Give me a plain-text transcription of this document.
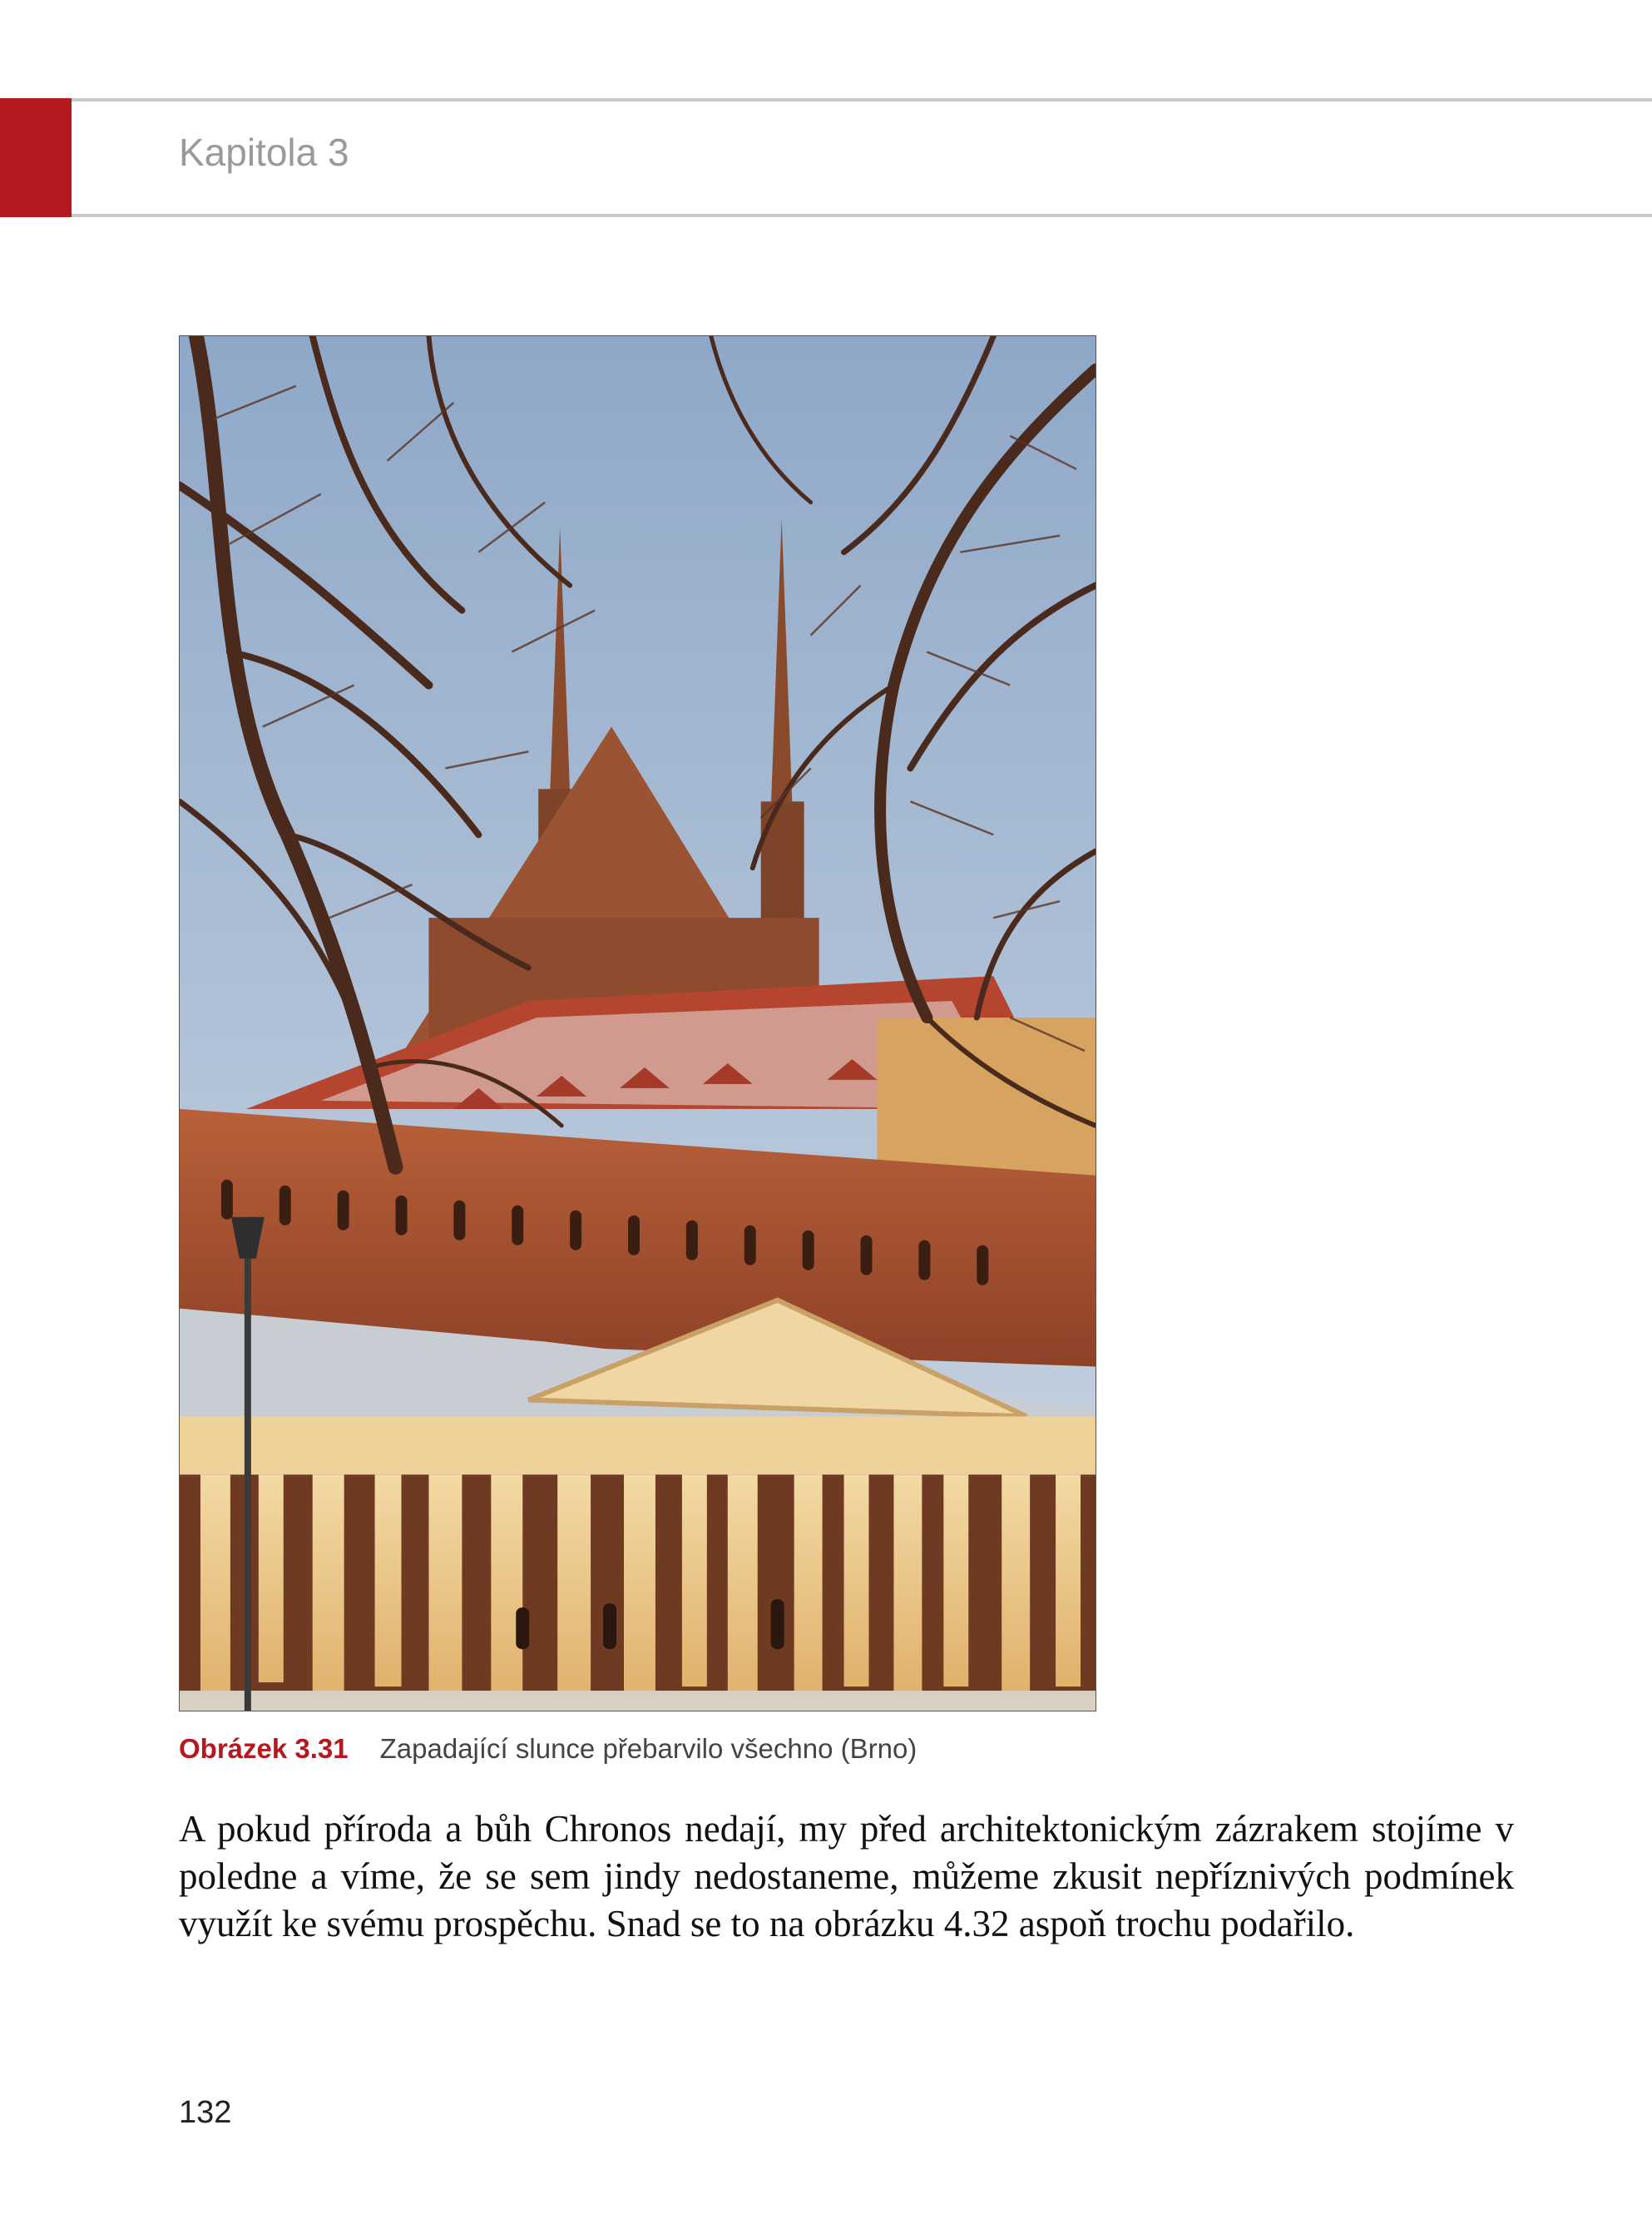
Kapitola 3
Obrázek 3.31 Zapadající slunce přebarvilo všechno (Brno)
A pokud příroda a bůh Chronos nedají, my před architektonickým zázrakem stojíme v poledne a víme, že se sem jindy nedostaneme, můžeme zkusit nepříznivých podmínek využít ke svému prospěchu. Snad se to na obrázku 4.32 aspoň trochu podařilo.
132
